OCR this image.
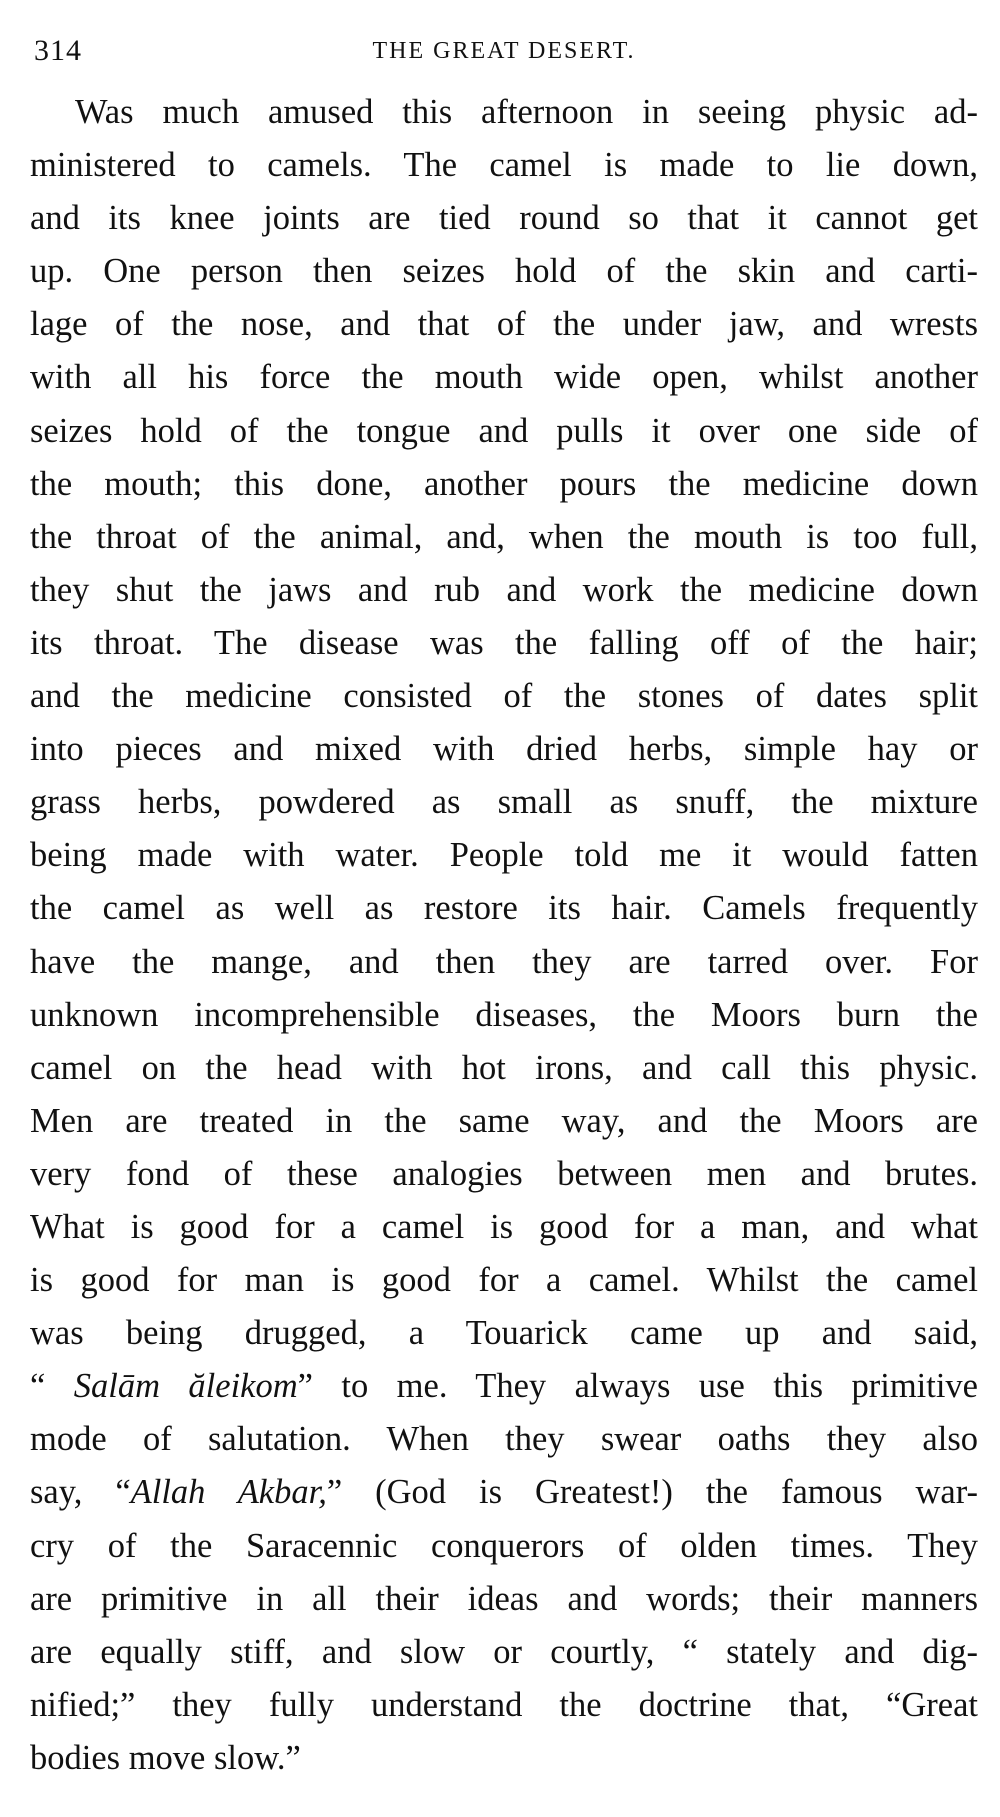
314	THE GREAT DESERT.
Was much amused this afternoon in seeing physic ad-
ministered to camels. The camel is made to lie down,
and its knee joints are tied round so that it cannot get
up. One person then seizes hold of the skin and carti-
lage of the nose, and that of the under jaw, and wrests
with all his force the mouth wide open, whilst another
seizes hold of the tongue and pulls it over one side of
the mouth; this done, another pours the medicine down
the throat of the animal, and, when the mouth is too full,
they shut the jaws and rub and work the medicine down
its throat. The disease was the falling off of the hair;
and the medicine consisted of the stones of dates split
into pieces and mixed with dried herbs, simple hay or
grass herbs, powdered as small as snuff, the mixture
being made with water. People told me it would fatten
the camel as well as restore its hair. Camels frequently
have the mange, and then they are tarred over. For
unknown incomprehensible diseases, the Moors burn the
camel on the head with hot irons, and call this physic.
Men are treated in the same way, and the Moors are
very fond of these analogies between men and brutes.
What is good for a camel is good for a man, and what
is good for man is good for a camel. Whilst the camel
was being drugged, a Touarick came up and said,
“ Salām ăleikom” to me. They always use this primitive
mode of salutation. When they swear oaths they also
say, “Allah Akbar,” (God is Greatest!) the famous war-
cry of the Saracennic conquerors of olden times. They
are primitive in all their ideas and words; their manners
are equally stiff, and slow or courtly, “ stately and dig-
nified;” they fully understand the doctrine that, “Great
bodies move slow.”
